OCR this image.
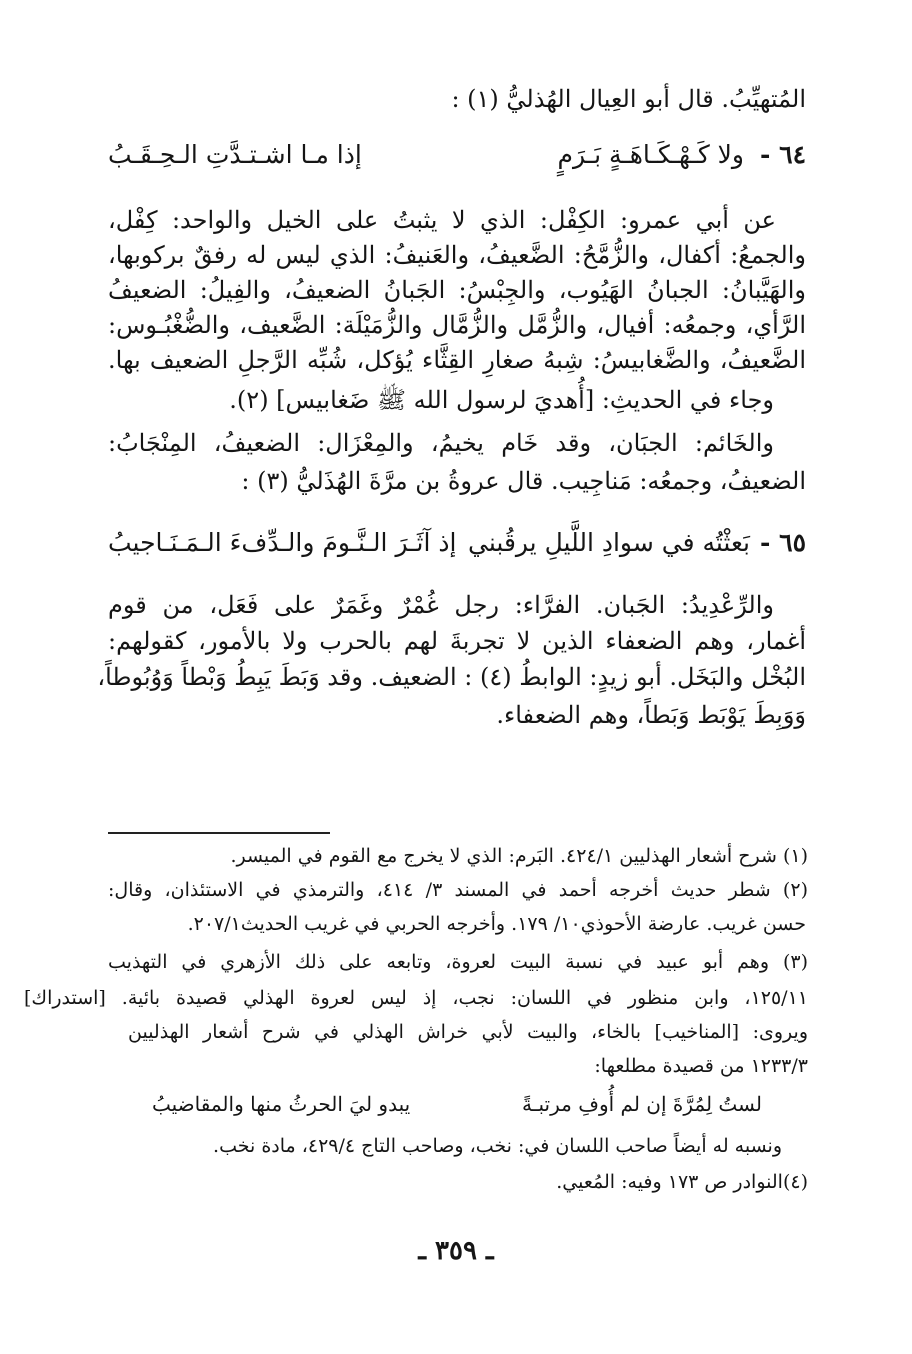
المُتهيِّبُ. قال أبو العِيال الهُذليُّ (١) :
٦٤ -
ولا كَـهْـكَـاهَـةٍ بَـرَمٍ
إذا مـا اشـتـدَّتِ الـحِـقَـبُ
عن أبي عمرو: الكِفْل: الذي لا يثبتُ على الخيل والواحد: كِفْل،
والجمعُ: أكفال، والزُّمَّحُ: الضَّعيفُ، والعَنيفُ: الذي ليس له رفقٌ بركوبها،
والهَيَّبانُ: الجبانُ الهَيُوب، والجِبْسُ: الجَبانُ الضعيفُ، والفِيلُ: الضعيفُ
الرَّأي، وجمعُه: أفيال، والزُّمَّل والزُّمَّال والزُّمَيْلَة: الضَّعيف، والضُّغْبُـوس:
الضَّعيفُ، والضَّغابيسُ: شِبهُ صغارِ القِثَّاء يُؤكل، شُبِّه الرَّجلِ الضعيف بها.
وجاء في الحديثِ: [أُهديَ لرسول الله ﷺ ضَغابيس] (٢).
والخَائم: الجبَان، وقد خَام يخيمُ، والمِعْزَال: الضعيفُ، المِنْجَابُ:
الضعيفُ، وجمعُه: مَناجِيب. قال عروةُ بن مرَّةَ الهُذَليُّ (٣) :
٦٥ -
بَعثْتُه في سوادِ اللَّيلِ يرقُبني
إذ آثَـرَ الـنَّـومَ والـدِّفءَ الـمَـنَـاجيبُ
والرِّعْدِيدُ: الجَبان. الفرَّاء: رجل غُمْرٌ وغَمَرٌ على فَعَل، من قوم
أغمار، وهم الضعفاء الذين لا تجربةَ لهم بالحرب ولا بالأمور، كقولهم:
البُخْل والبَخَل. أبو زيدٍ: الوابطُ (٤) : الضعيف. وقد وَبَطَ يَبِطُ وَبْطاً وَوُبُوطاً،
وَوَبِطَ يَوْبَط وَبَطاً، وهم الضعفاء.
(١) شرح أشعار الهذليين ٤٢٤/١. البَرم: الذي لا يخرج مع القوم في الميسر.
(٢) شطر حديث أخرجه أحمد في المسند ٣/ ٤١٤، والترمذي في الاستئذان، وقال:
حسن غريب. عارضة الأحوذي١٠/ ١٧٩. وأخرجه الحربي في غريب الحديث٢٠٧/١.
(٣) وهم أبو عبيد في نسبة البيت لعروة، وتابعه على ذلك الأزهري في التهذيب
١٢٥/١١، وابن منظور في اللسان: نجب، إذ ليس لعروة الهذلي قصيدة بائية. [استدراك]
ويروى: [المناخيب] بالخاء، والبيت لأبي خراش الهذلي في شرح أشعار الهذليين
١٢٣٣/٣ من قصيدة مطلعها:
لستُ لِمُرَّةَ إن لم أُوفِ مرتبـةً
يبدو ليَ الحرثُ منها والمقاضيبُ
ونسبه له أيضاً صاحب اللسان في: نخب، وصاحب التاج ٤٢٩/٤، مادة نخب.
(٤)النوادر ص ١٧٣ وفيه: المُعيي.
ـ ٣٥٩ ـ
